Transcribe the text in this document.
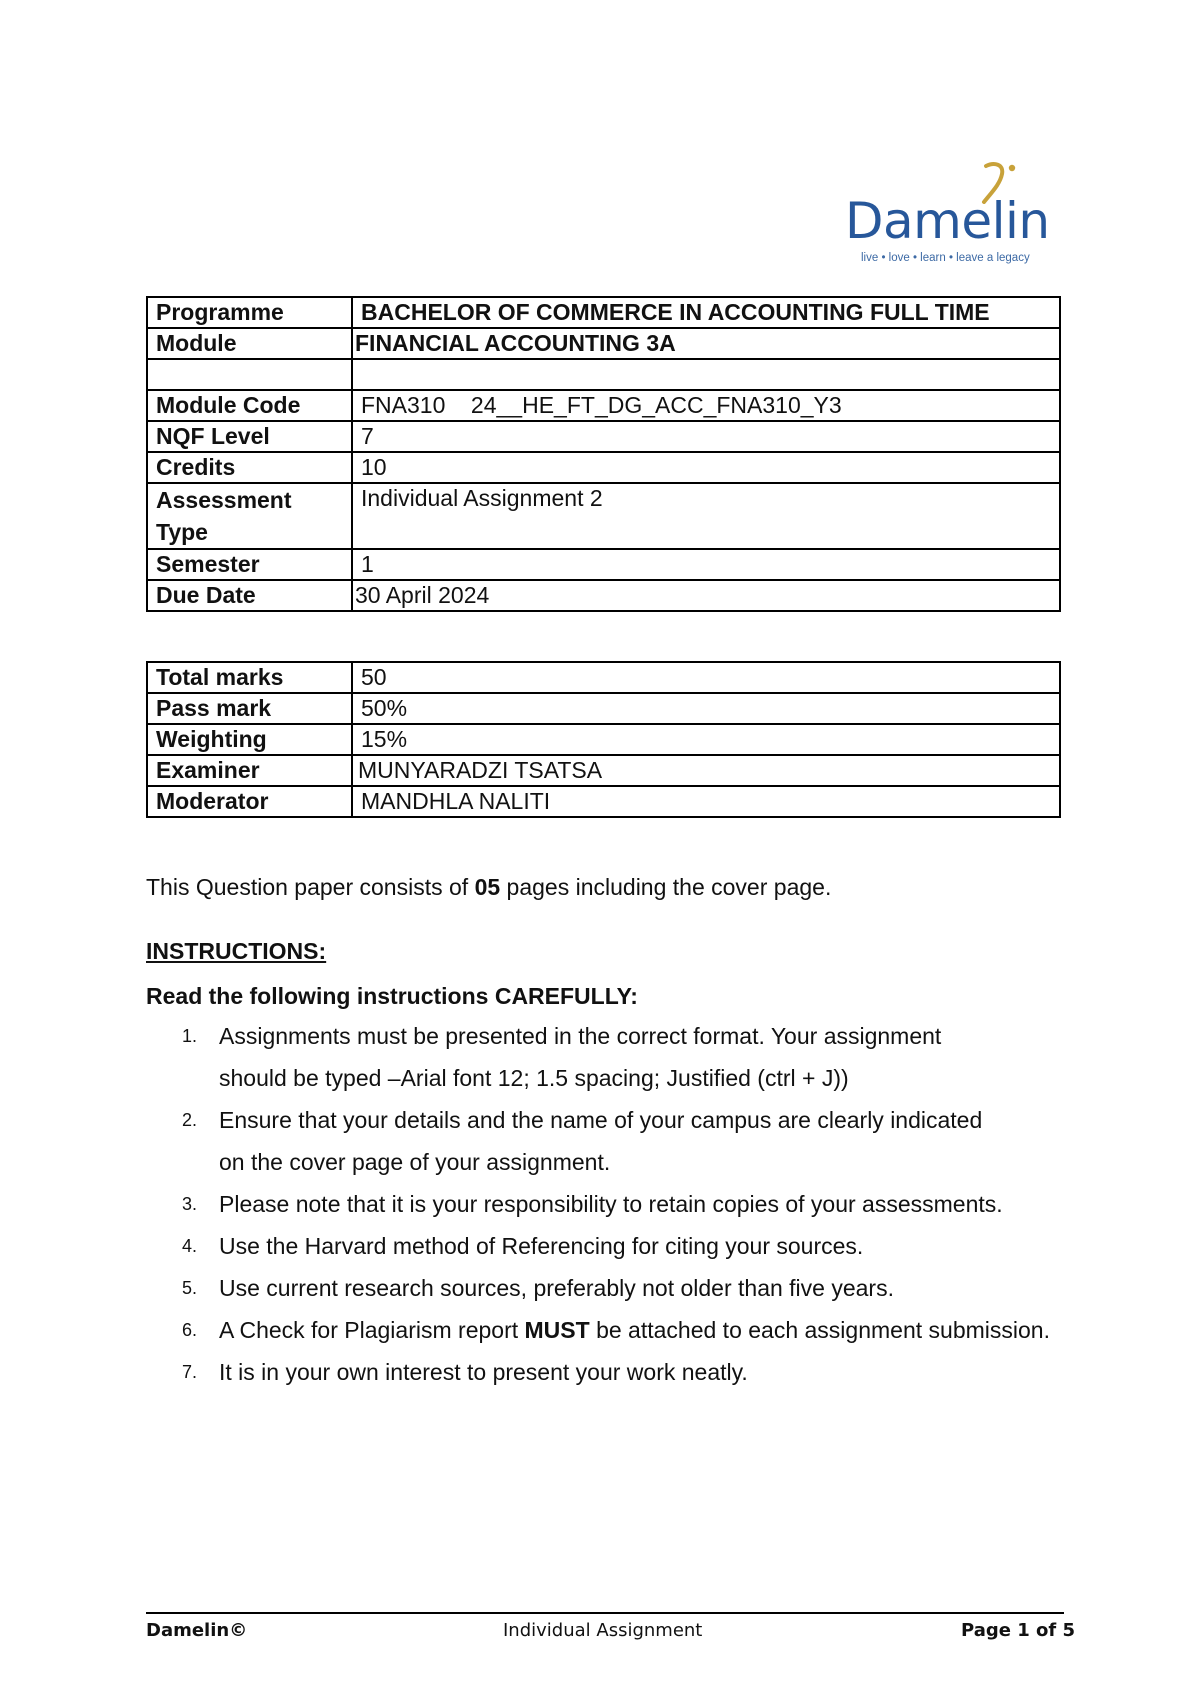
Damelin
live • love • learn • leave a legacy
Programme	BACHELOR OF COMMERCE IN ACCOUNTING FULL TIME
Module	FINANCIAL ACCOUNTING 3A

Module Code	FNA310    24__HE_FT_DG_ACC_FNA310_Y3
NQF Level	7
Credits	10
Assessment Type	Individual Assignment 2
Semester	1
Due Date	30 April 2024
Total marks	50
Pass mark	50%
Weighting	15%
Examiner	MUNYARADZI TSATSA
Moderator	MANDHLA NALITI
This Question paper consists of 05 pages including the cover page.
INSTRUCTIONS:
Read the following instructions CAREFULLY:
1. Assignments must be presented in the correct format. Your assignment
should be typed –Arial font 12; 1.5 spacing; Justified (ctrl + J))
2. Ensure that your details and the name of your campus are clearly indicated
on the cover page of your assignment.
3. Please note that it is your responsibility to retain copies of your assessments.
4. Use the Harvard method of Referencing for citing your sources.
5. Use current research sources, preferably not older than five years.
6. A Check for Plagiarism report MUST be attached to each assignment submission.
7. It is in your own interest to present your work neatly.
Damelin©	Individual Assignment	Page 1 of 5
